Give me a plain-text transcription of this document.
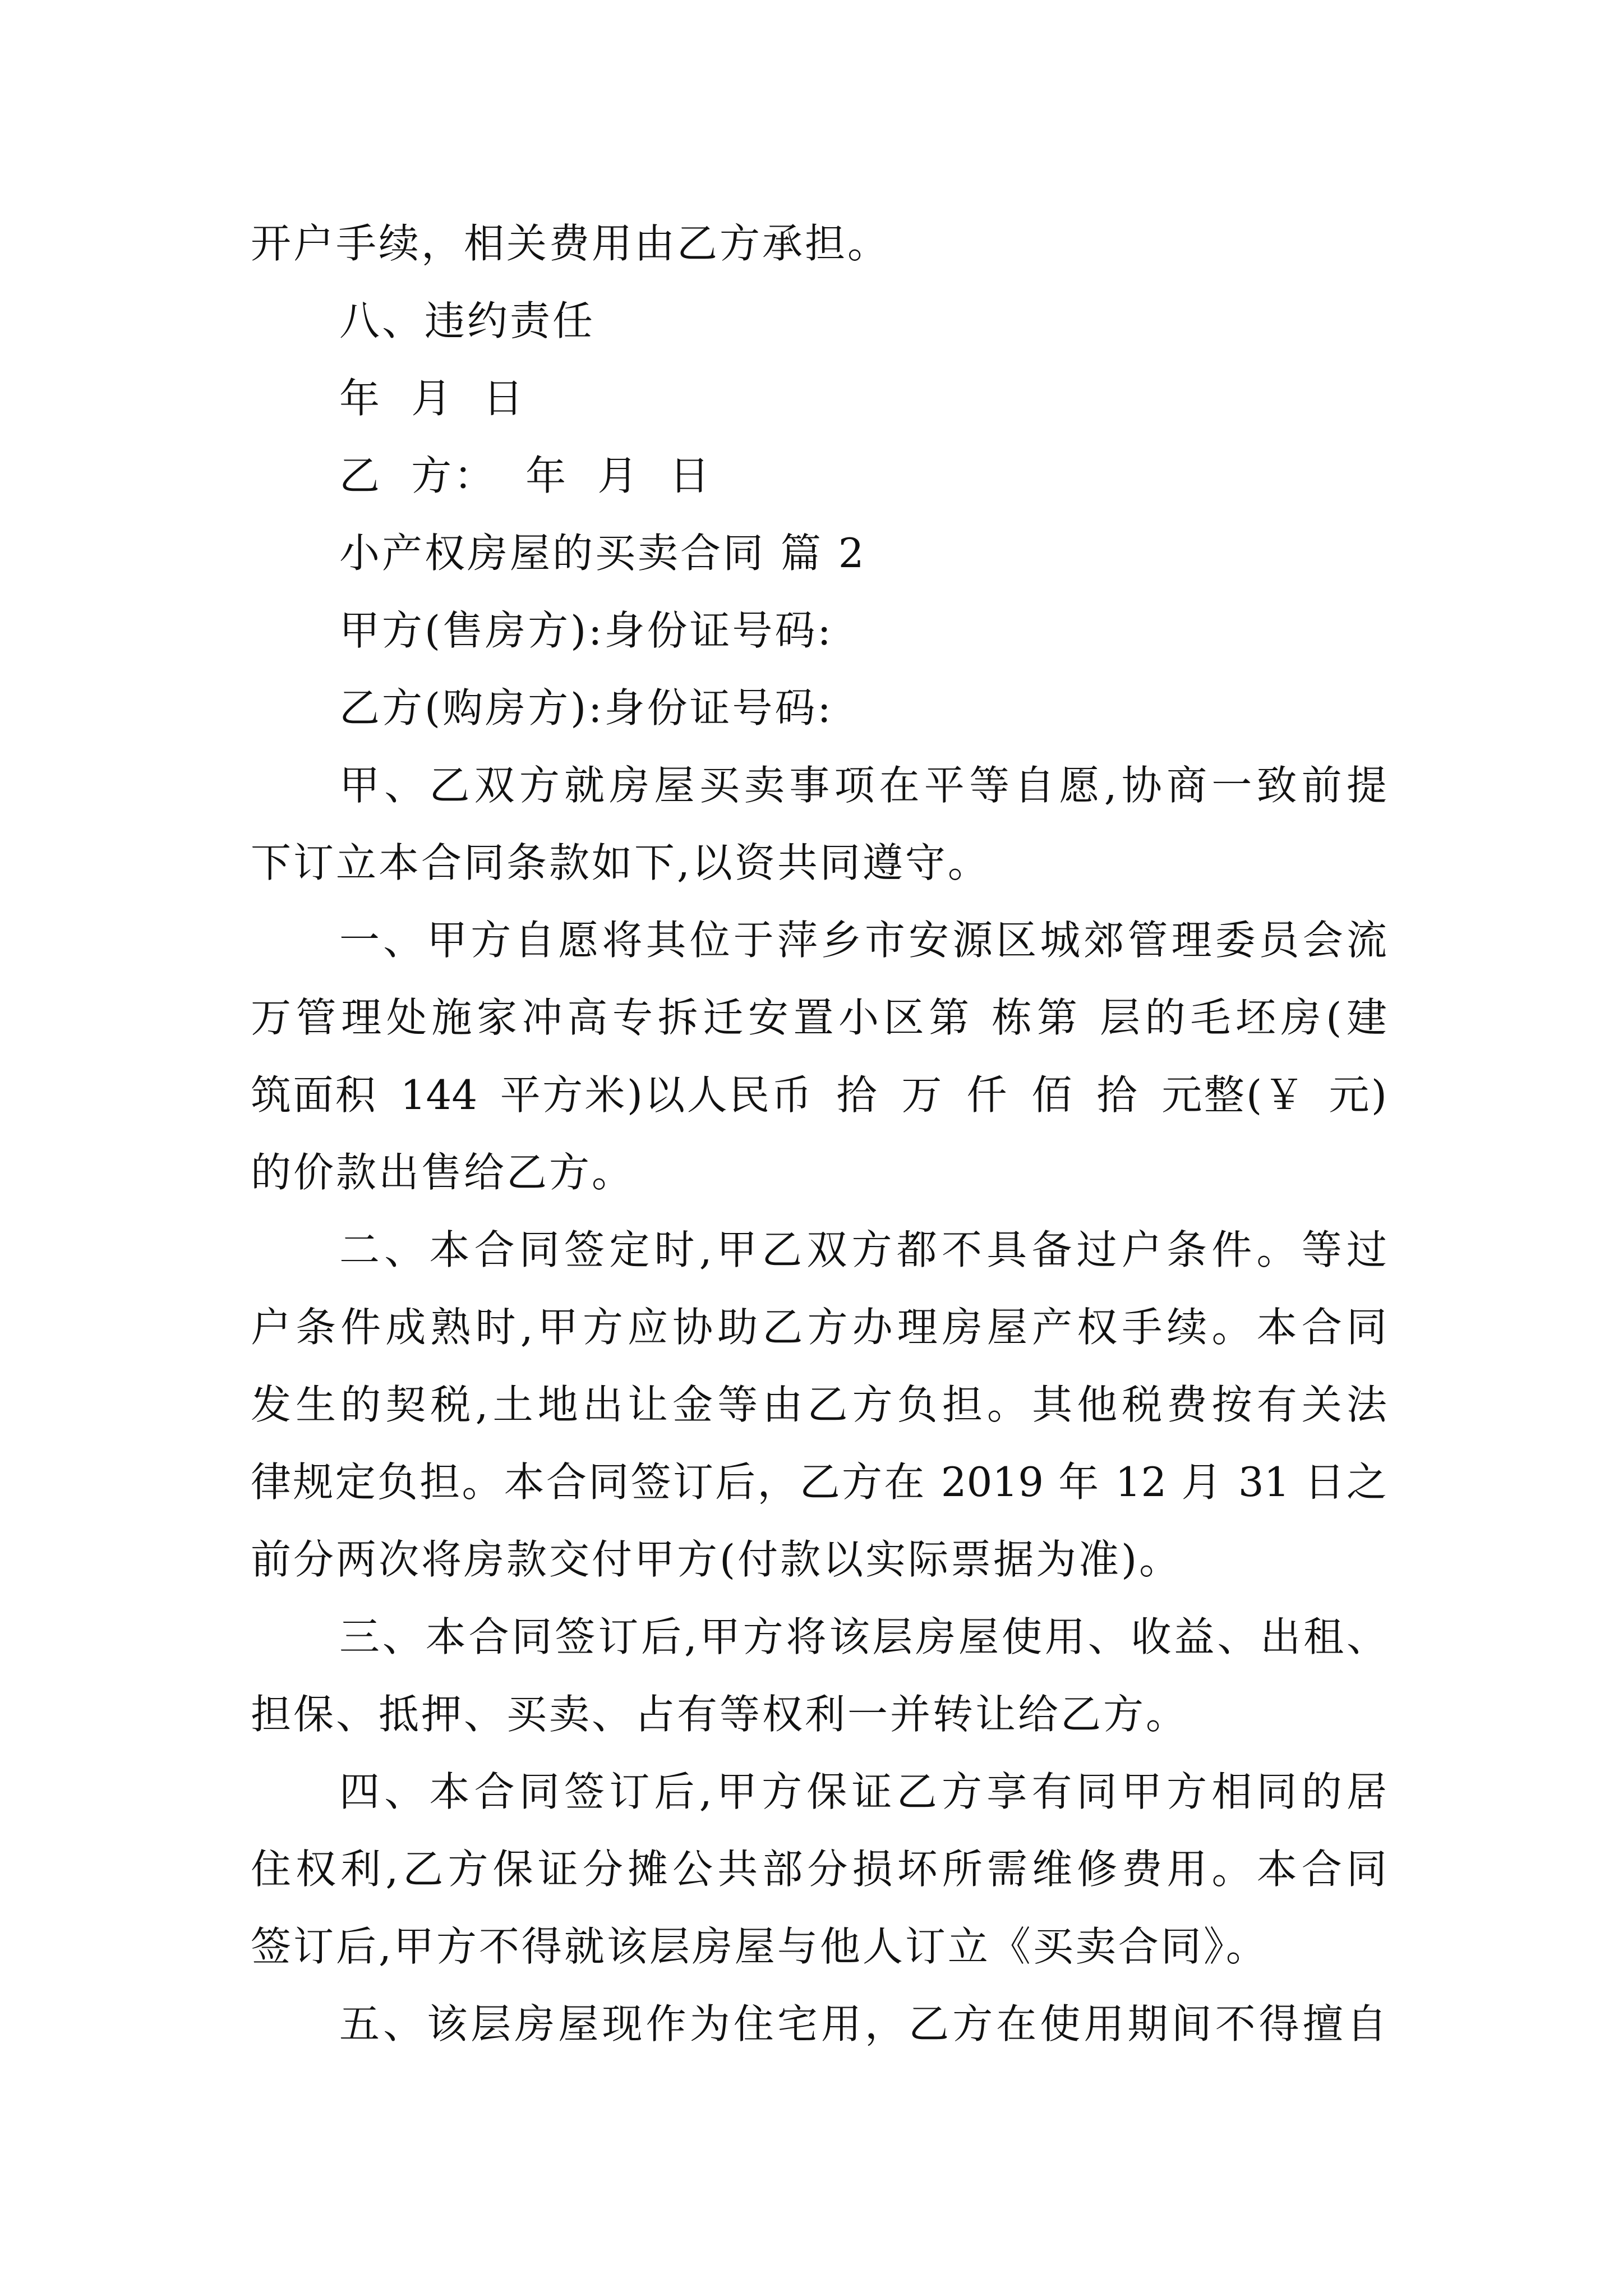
开户手续，相关费用由乙方承担。
八、违约责任
年 月 日
乙 方： 年 月 日
小产权房屋的买卖合同 篇 2
甲方(售房方):身份证号码:
乙方(购房方):身份证号码:
甲、乙双方就房屋买卖事项在平等自愿,协商一致前提
下订立本合同条款如下,以资共同遵守。
一、甲方自愿将其位于萍乡市安源区城郊管理委员会流
万管理处施家冲高专拆迁安置小区第 栋第 层的毛坯房(建
筑面积 144 平方米)以人民币 拾 万 仟 佰 拾 元整(￥ 元)
的价款出售给乙方。
二、本合同签定时,甲乙双方都不具备过户条件。等过
户条件成熟时,甲方应协助乙方办理房屋产权手续。本合同
发生的契税,土地出让金等由乙方负担。其他税费按有关法
律规定负担。本合同签订后，乙方在 2019 年 12 月 31 日之
前分两次将房款交付甲方(付款以实际票据为准)。
三、本合同签订后,甲方将该层房屋使用、收益、出租、
担保、抵押、买卖、占有等权利一并转让给乙方。
四、本合同签订后,甲方保证乙方享有同甲方相同的居
住权利,乙方保证分摊公共部分损坏所需维修费用。本合同
签订后,甲方不得就该层房屋与他人订立《买卖合同》。
五、该层房屋现作为住宅用，乙方在使用期间不得擅自
